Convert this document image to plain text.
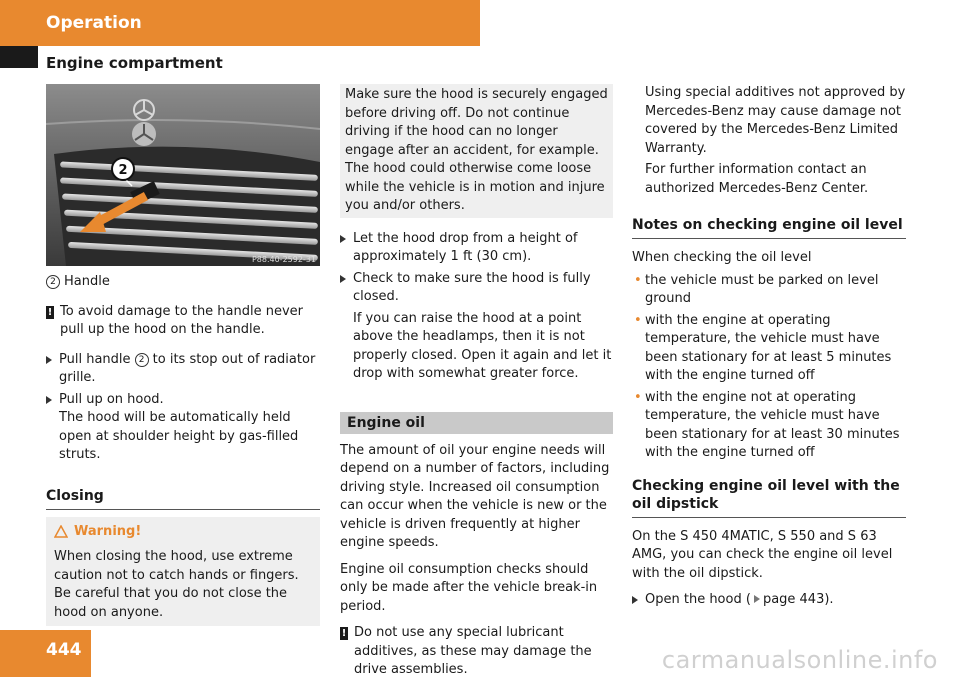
Operation
Engine compartment
2
P88.40-2592-31

2 Handle

! To avoid damage to the handle never pull up the hood on the handle.

Pull handle 2 to its stop out of radiator grille.

Pull up on hood.

The hood will be automatically held open at shoulder height by gas-filled struts.

Closing
Warning!

When closing the hood, use extreme caution not to catch hands or fingers. Be careful that you do not close the hood on anyone.

Make sure the hood is securely engaged before driving off. Do not continue driving if the hood can no longer engage after an accident, for example. The hood could otherwise come loose while the vehicle is in motion and injure you and/or others.

Let the hood drop from a height of approximately 1 ft (30 cm).

Check to make sure the hood is fully closed.

If you can raise the hood at a point above the headlamps, then it is not properly closed. Open it again and let it drop with somewhat greater force.

Engine oil

The amount of oil your engine needs will depend on a number of factors, including driving style. Increased oil consumption can occur when the vehicle is new or the vehicle is driven frequently at higher engine speeds.

Engine oil consumption checks should only be made after the vehicle break-in period.

! Do not use any special lubricant additives, as these may damage the drive assemblies.

Using special additives not approved by Mercedes-Benz may cause damage not covered by the Mercedes-Benz Limited Warranty.

For further information contact an authorized Mercedes-Benz Center.

Notes on checking engine oil level

When checking the oil level

• the vehicle must be parked on level ground

• with the engine at operating temperature, the vehicle must have been stationary for at least 5 minutes with the engine turned off

• with the engine not at operating temperature, the vehicle must have been stationary for at least 30 minutes with the engine turned off

Checking engine oil level with the oil dipstick

On the S 450 4MATIC, S 550 and S 63 AMG, you can check the engine oil level with the oil dipstick.

Open the hood ( page 443).

444	carmanualsonline.info
